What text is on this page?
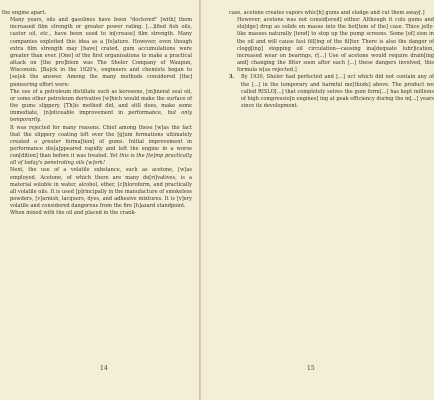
the engine apart.

Many years, oils and gasolines have been "doctored" [with] them increased film strength or greater power rating. [...]ified fish oils, castor oil, etc., have been used to in[crease] film strength. Many companies exploited this idea as a [fe]ature. However, even though extra film strength may [have] crated, gum accumulations were greater than ever. [One] of the first organisations to make a practical attack on [the pro]blem was The Sheler Company of Waupun, Wisconsin. [Ba]ck in the 1920's, engineers and chemists began to [se]ek the answer. Among the many methods considered [the] pioneering effort were:

The use of a petroleum distillate such as kerosene, [m]ineral seal oil, or some other petroleum derivative [w]hich would make the surface of the gums slippery. [Th]is method did, and still does, make some immediate, [n]oticeable improvement in performance, but only temporarily.

It was rejected for many reasons. Chief among these [w]as the fact that the slippery coating left over the [g]um formations ultimately created a greater forma[tion] of gums. Initial improvement in performance dis[a]ppeared rapidly and left the engine in a worse con[dition] than before it was treated. Yet this is the [te]mp practically all of today's penetrating oils [w]ork!

Next, the use of a volatile substance, such as acetone, [w]as employed. Acetone, of which there are many de[ri]vatives, is a material soluble in water, alcohol, ether, [c]hloroform, and practically all volatile oils. It is used [p]rincipally in the manufacture of smokeless powders, [v]arnish, lacquers, dyes, and adhesive mixtures. It is [v]ery volatile and considered dangerous from the fire [h]azard standpoint.

When mixed with the oil and placed in the crank-

14

case, acetone creates vapors whic[h] gums and sludge and cut them away[.]

However, acetone was not consid[ered] either. Although it cuts gums and slu[dge] drop as solids en masse into the bot[tom of the] case. Thice jelly-like masses naturally [tend] to stop up the pump screens. Some [of] sion in the oil and will cause fast fill[ing of the fil]ter. There is also the danger of clogg[ing] stopping oil circulation—causing ina[dequate lubr]ication, increased wear on bearings, r[...] Use of acetone would require drain[ing and] changing the filter soon after each [...] these dangers involved, this formula w[as rejected.]

3. By 1930, Sheler had perfected and [...] uct which did not contain any of the [...] in the temporary and harmful me[thods] above. The product we called RISLO[...] that completely solves the gum form[...] has kept millions of high compressio[n engines] ing at peak efficiency during the m[...] years since its development.

15
